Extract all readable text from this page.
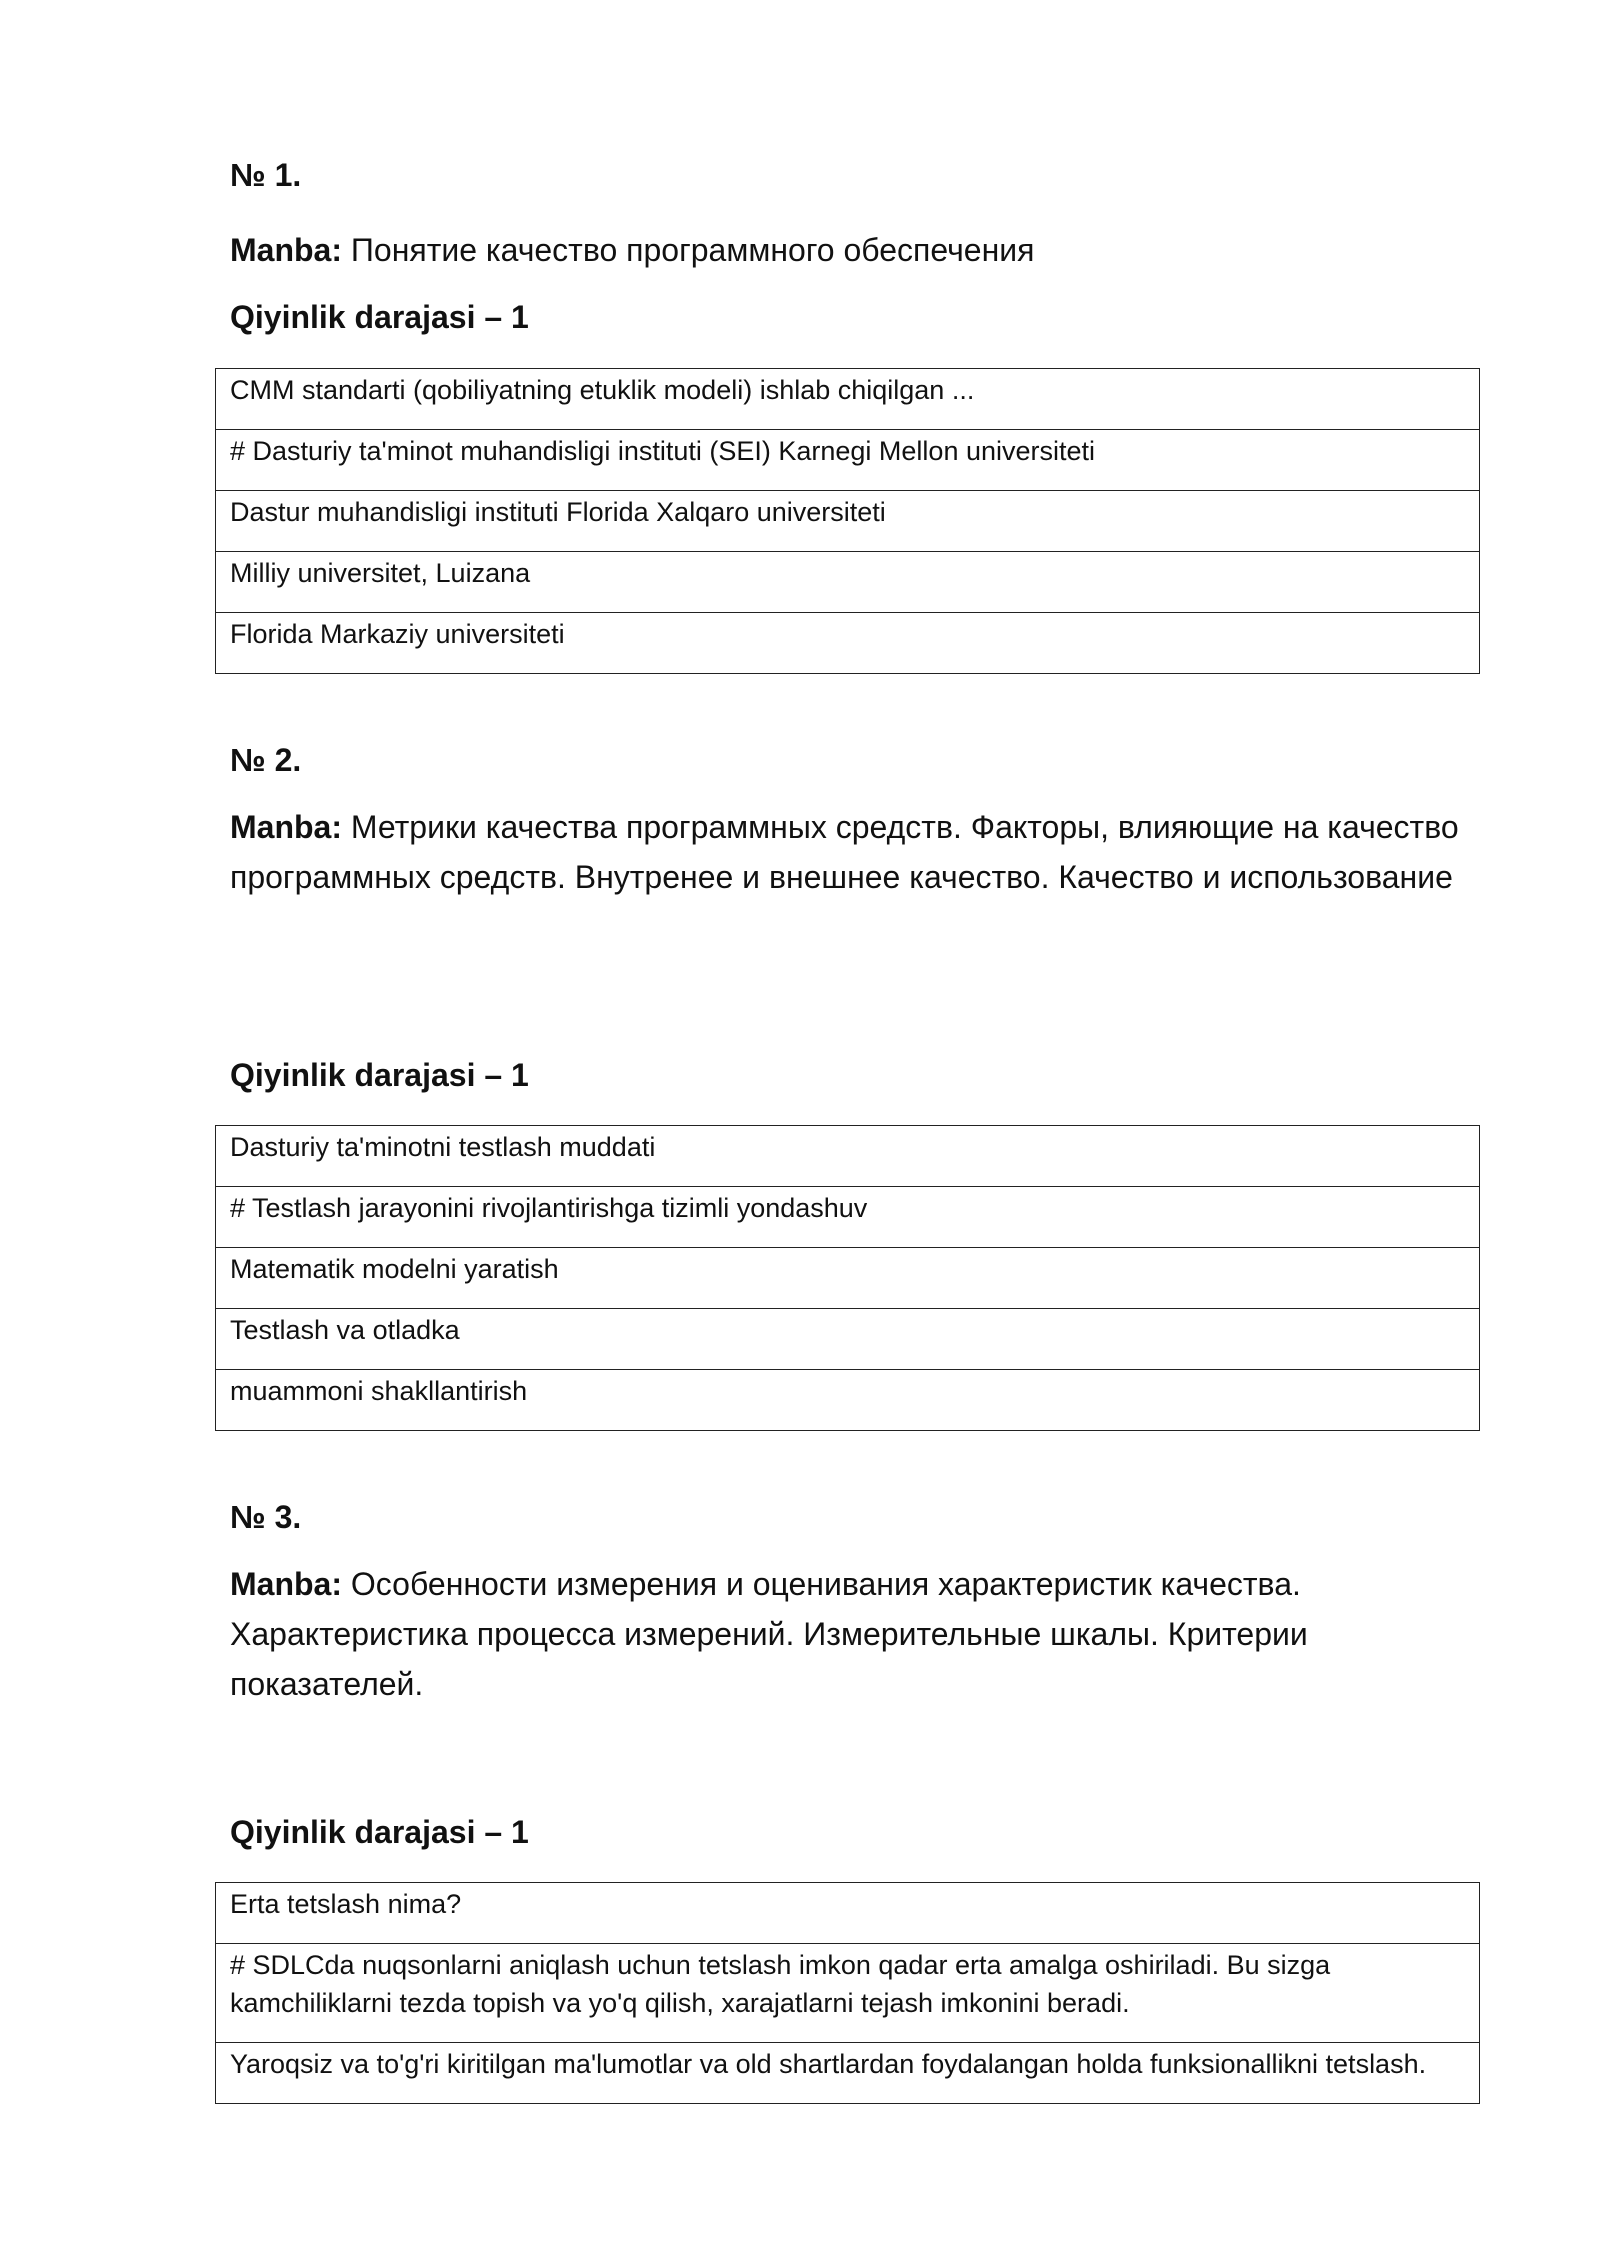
№ 1.
Manba: Понятие качество программного обеспечения
Qiyinlik darajasi – 1
CMM standarti (qobiliyatning etuklik modeli) ishlab chiqilgan ...
# Dasturiy ta'minot muhandisligi instituti (SEI) Karnegi Mellon universiteti
Dastur muhandisligi instituti Florida Xalqaro universiteti
Milliy universitet, Luizana
Florida Markaziy universiteti
№ 2.
Manba: Метрики качества программных средств. Факторы, влияющие на качество программных средств. Внутренее и внешнее качество. Качество и использование
Qiyinlik darajasi – 1
Dasturiy ta'minotni testlash muddati
# Testlash jarayonini rivojlantirishga tizimli yondashuv
Matematik modelni yaratish
Testlash va otladka
muammoni shakllantirish
№ 3.
Manba: Особенности измерения и оценивания характеристик качества. Характеристика процесса измерений. Измерительные шкалы. Критерии показателей.
Qiyinlik darajasi – 1
Erta tetslash nima?
# SDLCda nuqsonlarni aniqlash uchun tetslash imkon qadar erta amalga oshiriladi. Bu sizga kamchiliklarni tezda topish va yo'q qilish, xarajatlarni tejash imkonini beradi.
Yaroqsiz va to'g'ri kiritilgan ma'lumotlar va old shartlardan foydalangan holda funksionallikni tetslash.
